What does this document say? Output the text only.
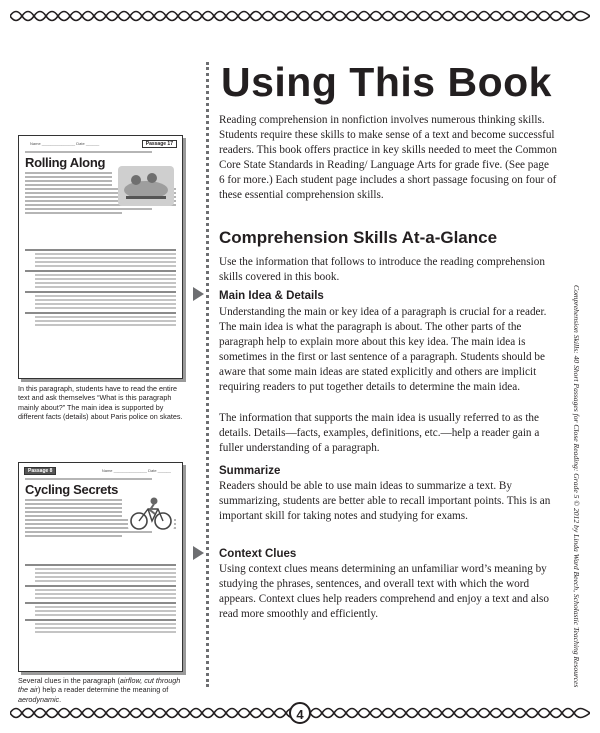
4
Name _______________ Date ______	Passage 17
Rolling Along
In this paragraph, students have to read the entire text and ask themselves “What is this paragraph mainly about?” The main idea is supported by different facts (details) about Paris police on skates.
Passage 8	Name _______________ Date ______
Cycling Secrets
Several clues in the paragraph (airflow, cut through the air) help a reader determine the meaning of aerodynamic.
Using This Book

Reading comprehension in nonfiction involves numerous thinking skills. Students require these skills to make sense of a text and become successful readers. This book offers practice in key skills needed to meet the Common Core State Standards in Reading/ Language Arts for grade five. (See page 6 for more.) Each student page includes a short passage focusing on four of these essential comprehension skills.

Comprehension Skills At-a-Glance

Use the information that follows to introduce the reading comprehension skills covered in this book.

Main Idea & Details

Understanding the main or key idea of a paragraph is crucial for a reader. The main idea is what the paragraph is about. The other parts of the paragraph help to explain more about this key idea. The main idea is sometimes in the first or last sentence of a paragraph. Students should be aware that some main ideas are stated explicitly and others are implicit requiring readers to put together details to determine the main idea.

The information that supports the main idea is usually referred to as the details. Details—facts, examples, definitions, etc.—help a reader gain a fuller understanding of a paragraph.

Summarize

Readers should be able to use main ideas to summarize a text. By summarizing, students are better able to recall important points. This is an important skill for taking notes and studying for exams.

Context Clues

Using context clues means determining an unfamiliar word’s meaning by studying the phrases, sentences, and overall text with which the word appears. Context clues help readers comprehend and enjoy a text and also read more smoothly and efficiently.	Comprehension Skills: 40 Short Passages for Close Reading: Grade 5 © 2012 by Linda Ward Beech, Scholastic Teaching Resources
